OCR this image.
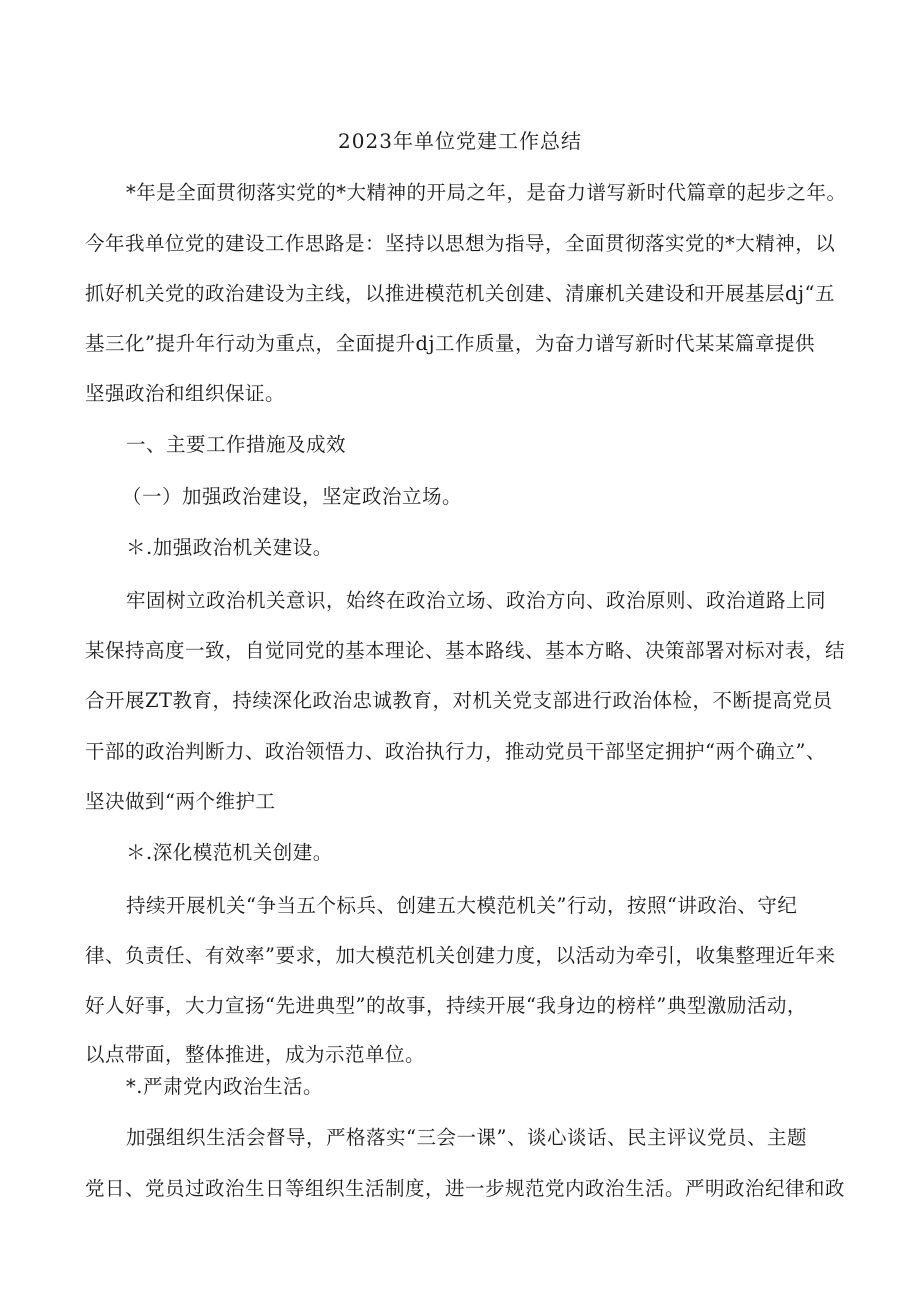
2023年单位党建工作总结
*年是全面贯彻落实党的*大精神的开局之年，是奋力谱写新时代篇章的起步之年。
今年我单位党的建设工作思路是：坚持以思想为指导，全面贯彻落实党的*大精神，以
抓好机关党的政治建设为主线，以推进模范机关创建、清廉机关建设和开展基层dj“五
基三化”提升年行动为重点，全面提升dj工作质量，为奋力谱写新时代某某篇章提供
坚强政治和组织保证。
一、主要工作措施及成效
（一）加强政治建设，坚定政治立场。
＊.加强政治机关建设。
牢固树立政治机关意识，始终在政治立场、政治方向、政治原则、政治道路上同
某保持高度一致，自觉同党的基本理论、基本路线、基本方略、决策部署对标对表，结
合开展ZT教育，持续深化政治忠诚教育，对机关党支部进行政治体检，不断提高党员
干部的政治判断力、政治领悟力、政治执行力，推动党员干部坚定拥护“两个确立”、
坚决做到“两个维护工
＊.深化模范机关创建。
持续开展机关“争当五个标兵、创建五大模范机关”行动，按照“讲政治、守纪
律、负责任、有效率”要求，加大模范机关创建力度，以活动为牵引，收集整理近年来
好人好事，大力宣扬“先进典型”的故事，持续开展“我身边的榜样”典型激励活动，
以点带面，整体推进，成为示范单位。
*.严肃党内政治生活。
加强组织生活会督导，严格落实“三会一课”、谈心谈话、民主评议党员、主题
党日、党员过政治生日等组织生活制度，进一步规范党内政治生活。严明政治纪律和政
